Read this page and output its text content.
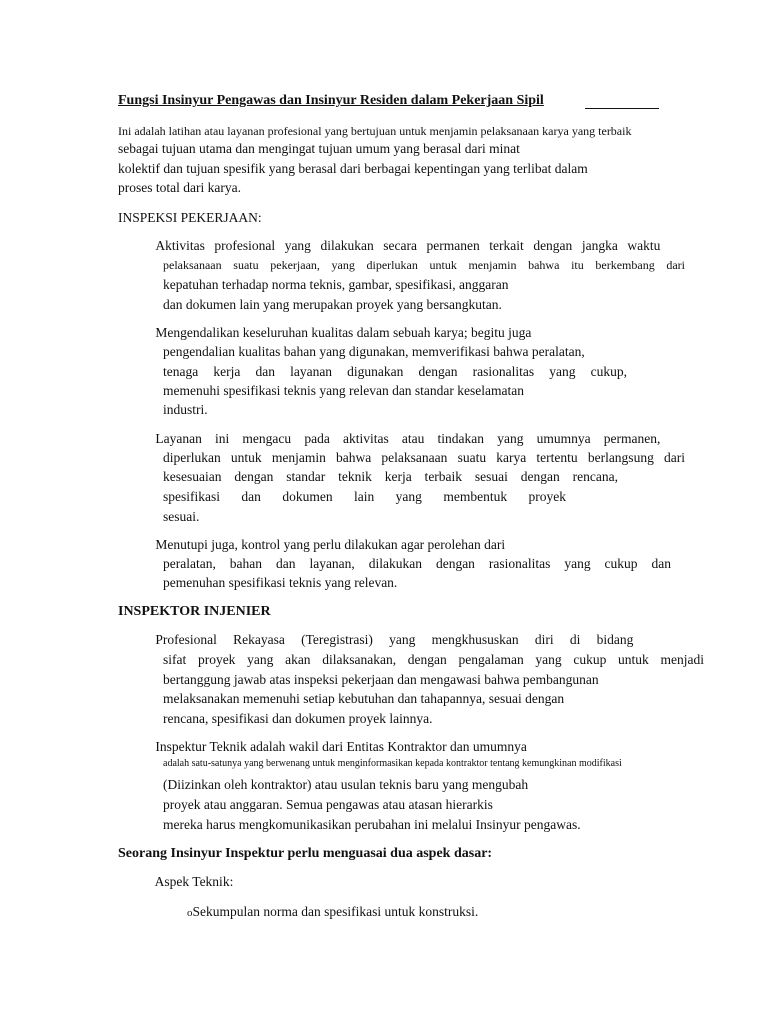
Fungsi Insinyur Pengawas dan Insinyur Residen dalam Pekerjaan Sipil
Ini adalah latihan atau layanan profesional yang bertujuan untuk menjamin pelaksanaan karya yang terbaik
sebagai tujuan utama dan mengingat tujuan umum yang berasal dari minat
kolektif dan tujuan spesifik yang berasal dari berbagai kepentingan yang terlibat dalam
proses total dari karya.
INSPEKSI PEKERJAAN:
Aktivitas profesional yang dilakukan secara permanen terkait dengan jangka waktu
pelaksanaan suatu pekerjaan, yang diperlukan untuk menjamin bahwa itu berkembang dari
kepatuhan terhadap norma teknis, gambar, spesifikasi, anggaran
dan dokumen lain yang merupakan proyek yang bersangkutan.
Mengendalikan keseluruhan kualitas dalam sebuah karya; begitu juga
pengendalian kualitas bahan yang digunakan, memverifikasi bahwa peralatan,
tenaga kerja dan layanan digunakan dengan rasionalitas yang cukup,
memenuhi spesifikasi teknis yang relevan dan standar keselamatan
industri.
Layanan ini mengacu pada aktivitas atau tindakan yang umumnya permanen,
diperlukan untuk menjamin bahwa pelaksanaan suatu karya tertentu berlangsung dari
kesesuaian dengan standar teknik kerja terbaik sesuai dengan rencana,
spesifikasi dan dokumen lain yang membentuk proyek
sesuai.
Menutupi juga, kontrol yang perlu dilakukan agar perolehan dari
peralatan, bahan dan layanan, dilakukan dengan rasionalitas yang cukup dan
pemenuhan spesifikasi teknis yang relevan.
INSPEKTOR INJENIER
Profesional Rekayasa (Teregistrasi) yang mengkhususkan diri di bidang
sifat proyek yang akan dilaksanakan, dengan pengalaman yang cukup untuk menjadi
bertanggung jawab atas inspeksi pekerjaan dan mengawasi bahwa pembangunan
melaksanakan memenuhi setiap kebutuhan dan tahapannya, sesuai dengan
rencana, spesifikasi dan dokumen proyek lainnya.
Inspektur Teknik adalah wakil dari Entitas Kontraktor dan umumnya
adalah satu-satunya yang berwenang untuk menginformasikan kepada kontraktor tentang kemungkinan modifikasi
(Diizinkan oleh kontraktor) atau usulan teknis baru yang mengubah
proyek atau anggaran. Semua pengawas atau atasan hierarkis
mereka harus mengkomunikasikan perubahan ini melalui Insinyur pengawas.
Seorang Insinyur Inspektur perlu menguasai dua aspek dasar:
Aspek Teknik:
oSekumpulan norma dan spesifikasi untuk konstruksi.
